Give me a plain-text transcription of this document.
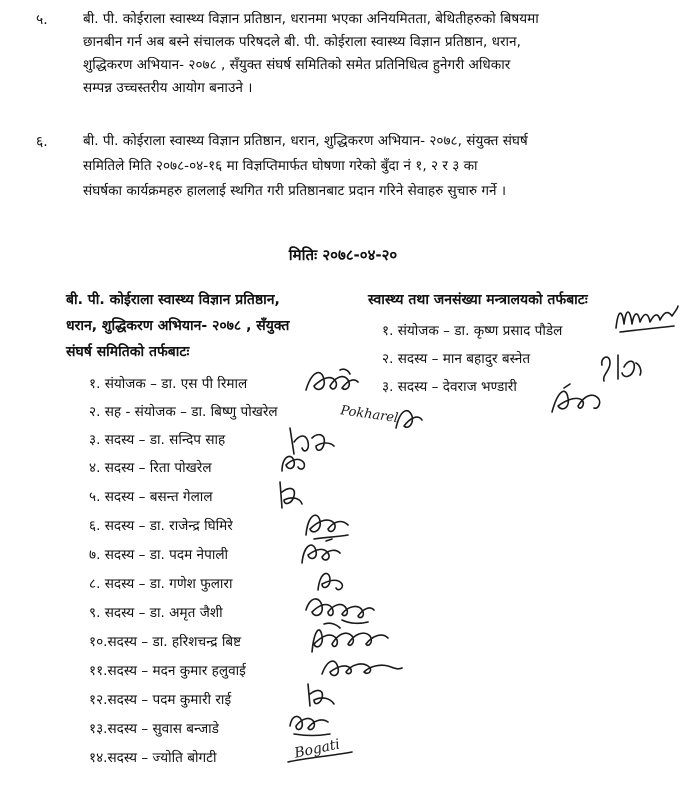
५.	बी. पी. कोईराला स्वास्थ्य विज्ञान प्रतिष्ठान, धरानमा भएका अनियमितता, बेथितीहरुको बिषयमा
छानबीन गर्न अब बस्ने संचालक परिषदले बी. पी. कोईराला स्वास्थ्य विज्ञान प्रतिष्ठान, धरान,
शुद्धिकरण अभियान- २०७८ , सँयुक्त संघर्ष समितिको समेत प्रतिनिधित्व हुनेगरी अधिकार
सम्पन्न उच्चस्तरीय आयोग बनाउने ।
६.	बी. पी. कोईराला स्वास्थ्य विज्ञान प्रतिष्ठान, धरान, शुद्धिकरण अभियान- २०७८, संयुक्त संघर्ष
समितिले मिति २०७८-०४-१६ मा विज्ञप्तिमार्फत घोषणा गरेको बुँदा नं १, २ र ३ का
संघर्षका कार्यक्रमहरु हाललाई स्थगित गरी प्रतिष्ठानबाट प्रदान गरिने सेवाहरु सुचारु गर्ने ।
मितिः २०७८-०४-२०
बी. पी. कोईराला स्वास्थ्य विज्ञान प्रतिष्ठान,
धरान, शुद्धिकरण अभियान- २०७८ , सँयुक्त
संघर्ष समितिको तर्फबाटः
स्वास्थ्य तथा जनसंख्या मन्त्रालयको तर्फबाटः
१. संयोजक – डा. कृष्ण प्रसाद पौडेल
२. सदस्य – मान बहादुर बस्नेत
३. सदस्य – देवराज भण्डारी
१. संयोजक – डा. एस पी रिमाल
२. सह - संयोजक – डा. बिष्णु पोखरेल
३. सदस्य – डा. सन्दिप साह
४. सदस्य – रिता पोखरेल
५. सदस्य – बसन्त गेलाल
६. सदस्य – डा. राजेन्द्र घिमिरे
७. सदस्य – डा. पदम नेपाली
८. सदस्य – डा. गणेश फुलारा
९. सदस्य – डा. अमृत जैशी
१०.सदस्य – डा. हरिशचन्द्र बिष्ट
११.सदस्य – मदन कुमार हलुवाई
१२.सदस्य – पदम कुमारी राई
१३.सदस्य – सुवास बन्जाडे
१४.सदस्य – ज्योति बोगटी
Pokharel
Bogati
